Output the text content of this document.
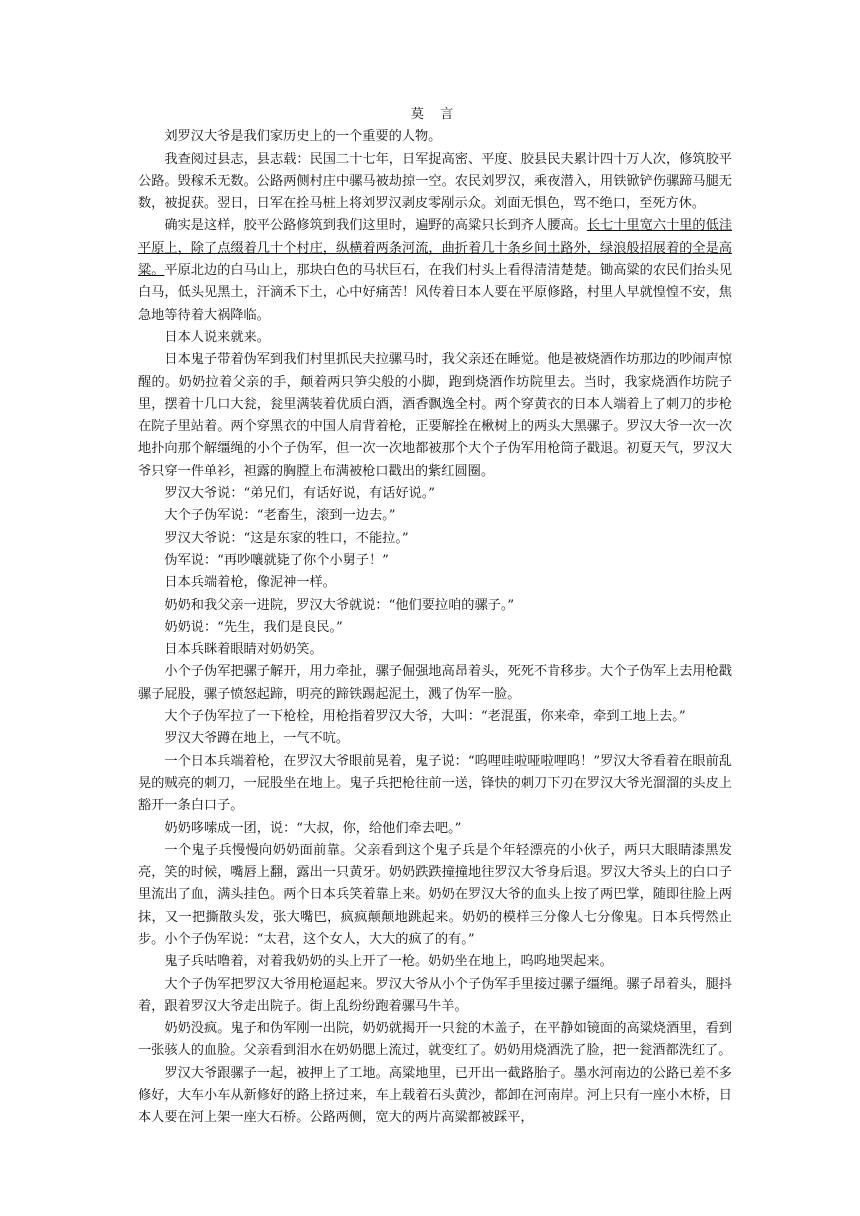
莫 言

刘罗汉大爷是我们家历史上的一个重要的人物。

我查阅过县志，县志载：民国二十七年，日军捉高密、平度、胶县民夫累计四十万人次，修筑胶平公路。毁稼禾无数。公路两侧村庄中骡马被劫掠一空。农民刘罗汉，乘夜潜入，用铁锨铲伤骡蹄马腿无数，被捉获。翌日，日军在拴马桩上将刘罗汉剥皮零剐示众。刘面无惧色，骂不绝口，至死方休。

确实是这样，胶平公路修筑到我们这里时，遍野的高粱只长到齐人腰高。长七十里宽六十里的低洼平原上，除了点缀着几十个村庄，纵横着两条河流，曲折着几十条乡间土路外，绿浪般招展着的全是高粱。平原北边的白马山上，那块白色的马状巨石，在我们村头上看得清清楚楚。锄高粱的农民们抬头见白马，低头见黑土，汗滴禾下土，心中好痛苦！风传着日本人要在平原修路，村里人早就惶惶不安，焦急地等待着大祸降临。

日本人说来就来。

日本鬼子带着伪军到我们村里抓民夫拉骡马时，我父亲还在睡觉。他是被烧酒作坊那边的吵闹声惊醒的。奶奶拉着父亲的手，颠着两只笋尖般的小脚，跑到烧酒作坊院里去。当时，我家烧酒作坊院子里，摆着十几口大瓮，瓮里满装着优质白酒，酒香飘逸全村。两个穿黄衣的日本人端着上了刺刀的步枪在院子里站着。两个穿黑衣的中国人肩背着枪，正要解拴在楸树上的两头大黑骡子。罗汉大爷一次一次地扑向那个解缰绳的小个子伪军，但一次一次地都被那个大个子伪军用枪筒子戳退。初夏天气，罗汉大爷只穿一件单衫，袒露的胸膛上布满被枪口戳出的紫红圆圈。

罗汉大爷说：“弟兄们，有话好说，有话好说。”

大个子伪军说：“老畜生，滚到一边去。”

罗汉大爷说：“这是东家的牲口，不能拉。”

伪军说：“再吵嚷就毙了你个小舅子！”

日本兵端着枪，像泥神一样。

奶奶和我父亲一进院，罗汉大爷就说：“他们要拉咱的骡子。”

奶奶说：“先生，我们是良民。”

日本兵眯着眼睛对奶奶笑。

小个子伪军把骡子解开，用力牵扯，骡子倔强地高昂着头，死死不肯移步。大个子伪军上去用枪戳骡子屁股，骡子愤怒起蹄，明亮的蹄铁踢起泥土，溅了伪军一脸。

大个子伪军拉了一下枪栓，用枪指着罗汉大爷，大叫：“老混蛋，你来牵，牵到工地上去。”

罗汉大爷蹲在地上，一气不吭。

一个日本兵端着枪，在罗汉大爷眼前晃着，鬼子说：“呜哩哇啦哑啦哩呜！”罗汉大爷看着在眼前乱晃的贼亮的刺刀，一屁股坐在地上。鬼子兵把枪往前一送，锋快的刺刀下刃在罗汉大爷光溜溜的头皮上豁开一条白口子。

奶奶哆嗦成一团，说：“大叔，你，给他们牵去吧。”

一个鬼子兵慢慢向奶奶面前靠。父亲看到这个鬼子兵是个年轻漂亮的小伙子，两只大眼睛漆黑发亮，笑的时候，嘴唇上翻，露出一只黄牙。奶奶跌跌撞撞地往罗汉大爷身后退。罗汉大爷头上的白口子里流出了血，满头挂色。两个日本兵笑着靠上来。奶奶在罗汉大爷的血头上按了两巴掌，随即往脸上两抹，又一把撕散头发，张大嘴巴，疯疯颠颠地跳起来。奶奶的模样三分像人七分像鬼。日本兵愕然止步。小个子伪军说：“太君，这个女人，大大的疯了的有。”

鬼子兵咕噜着，对着我奶奶的头上开了一枪。奶奶坐在地上，呜呜地哭起来。

大个子伪军把罗汉大爷用枪逼起来。罗汉大爷从小个子伪军手里接过骡子缰绳。骡子昂着头，腿抖着，跟着罗汉大爷走出院子。街上乱纷纷跑着骡马牛羊。

奶奶没疯。鬼子和伪军刚一出院，奶奶就揭开一只瓮的木盖子，在平静如镜面的高粱烧酒里，看到一张骇人的血脸。父亲看到泪水在奶奶腮上流过，就变红了。奶奶用烧酒洗了脸，把一瓮酒都洗红了。

罗汉大爷跟骡子一起，被押上了工地。高粱地里，已开出一截路胎子。墨水河南边的公路已差不多修好，大车小车从新修好的路上挤过来，车上载着石头黄沙，都卸在河南岸。河上只有一座小木桥，日本人要在河上架一座大石桥。公路两侧，宽大的两片高粱都被踩平，
